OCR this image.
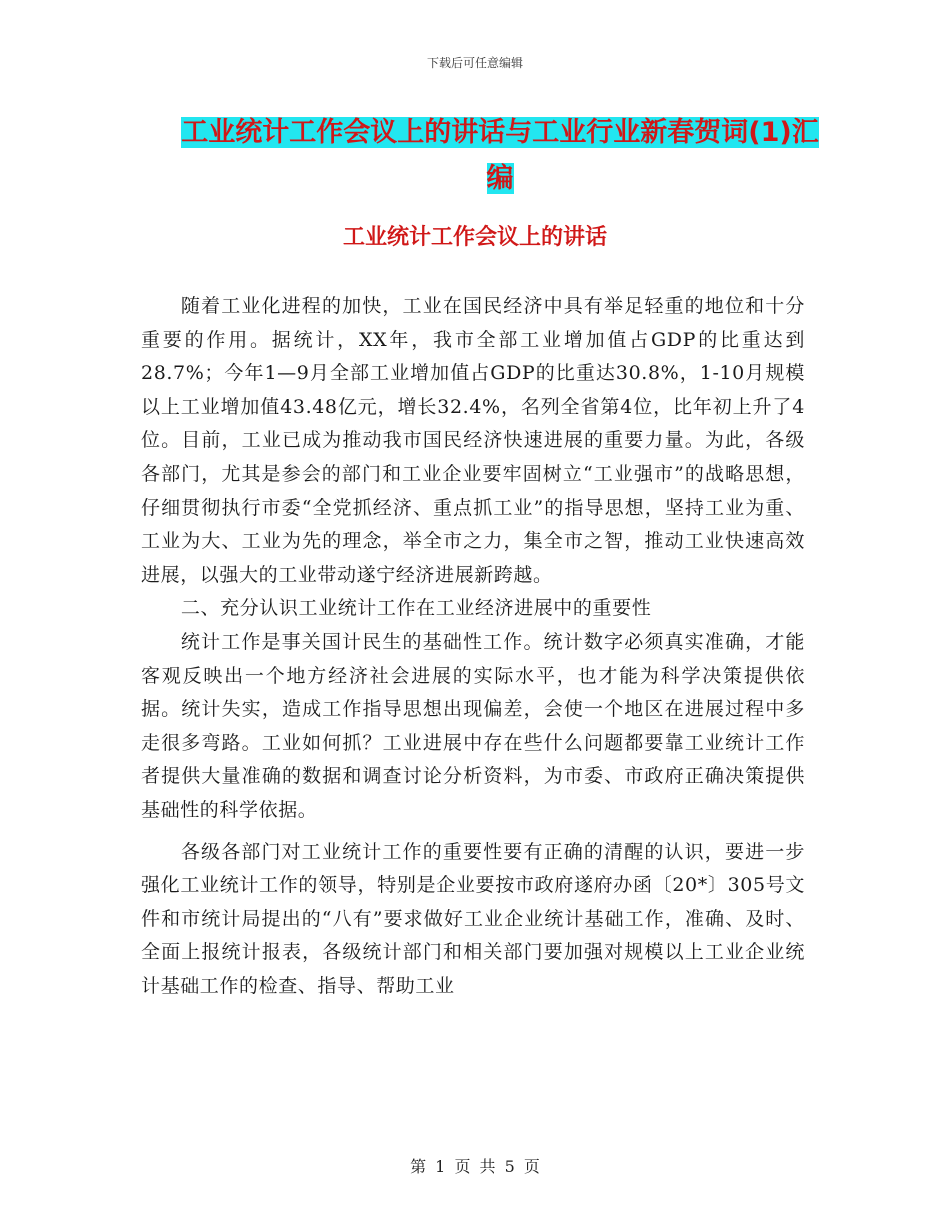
下载后可任意编辑
工业统计工作会议上的讲话与工业行业新春贺词(1)汇
编
工业统计工作会议上的讲话

随着工业化进程的加快，工业在国民经济中具有举足轻重的地位和十分重要的作用。据统计，XX年，我市全部工业增加值占GDP的比重达到28.7%；今年1—9月全部工业增加值占GDP的比重达30.8%，1-10月规模以上工业增加值43.48亿元，增长32.4%，名列全省第4位，比年初上升了4位。目前，工业已成为推动我市国民经济快速进展的重要力量。为此，各级各部门，尤其是参会的部门和工业企业要牢固树立“工业强市”的战略思想，仔细贯彻执行市委“全党抓经济、重点抓工业”的指导思想，坚持工业为重、工业为大、工业为先的理念，举全市之力，集全市之智，推动工业快速高效进展，以强大的工业带动遂宁经济进展新跨越。

二、充分认识工业统计工作在工业经济进展中的重要性

统计工作是事关国计民生的基础性工作。统计数字必须真实准确，才能客观反映出一个地方经济社会进展的实际水平，也才能为科学决策提供依据。统计失实，造成工作指导思想出现偏差，会使一个地区在进展过程中多走很多弯路。工业如何抓？工业进展中存在些什么问题都要靠工业统计工作者提供大量准确的数据和调查讨论分析资料，为市委、市政府正确决策提供基础性的科学依据。

各级各部门对工业统计工作的重要性要有正确的清醒的认识，要进一步强化工业统计工作的领导，特别是企业要按市政府遂府办函〔20*〕305号文件和市统计局提出的“八有”要求做好工业企业统计基础工作，准确、及时、全面上报统计报表，各级统计部门和相关部门要加强对规模以上工业企业统计基础工作的检查、指导、帮助工业

第 1 页 共 5 页
